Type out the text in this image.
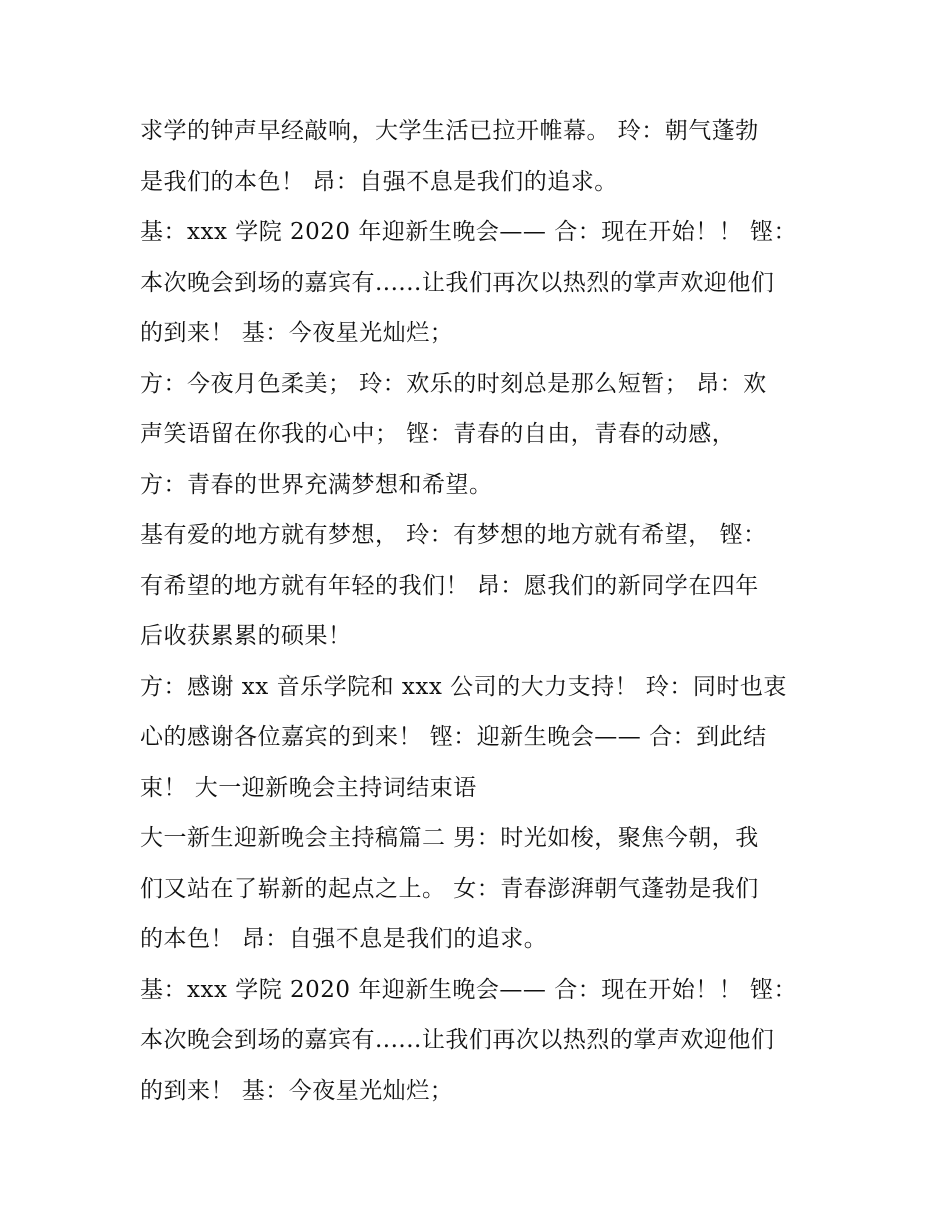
求学的钟声早经敲响，大学生活已拉开帷幕。 玲：朝气蓬勃
是我们的本色！ 昂：自强不息是我们的追求。
基：xxx 学院 2020 年迎新生晚会—— 合：现在开始！！ 铿：
本次晚会到场的嘉宾有......让我们再次以热烈的掌声欢迎他们
的到来！ 基：今夜星光灿烂；
方：今夜月色柔美； 玲：欢乐的时刻总是那么短暂； 昂：欢
声笑语留在你我的心中； 铿：青春的自由，青春的动感，
方：青春的世界充满梦想和希望。
基有爱的地方就有梦想， 玲：有梦想的地方就有希望， 铿：
有希望的地方就有年轻的我们！ 昂：愿我们的新同学在四年
后收获累累的硕果！
方：感谢 xx 音乐学院和 xxx 公司的大力支持！ 玲：同时也衷
心的感谢各位嘉宾的到来！ 铿：迎新生晚会—— 合：到此结
束！ 大一迎新晚会主持词结束语
大一新生迎新晚会主持稿篇二 男：时光如梭，聚焦今朝，我
们又站在了崭新的起点之上。 女：青春澎湃朝气蓬勃是我们
的本色！ 昂：自强不息是我们的追求。
基：xxx 学院 2020 年迎新生晚会—— 合：现在开始！！ 铿：
本次晚会到场的嘉宾有......让我们再次以热烈的掌声欢迎他们
的到来！ 基：今夜星光灿烂；
